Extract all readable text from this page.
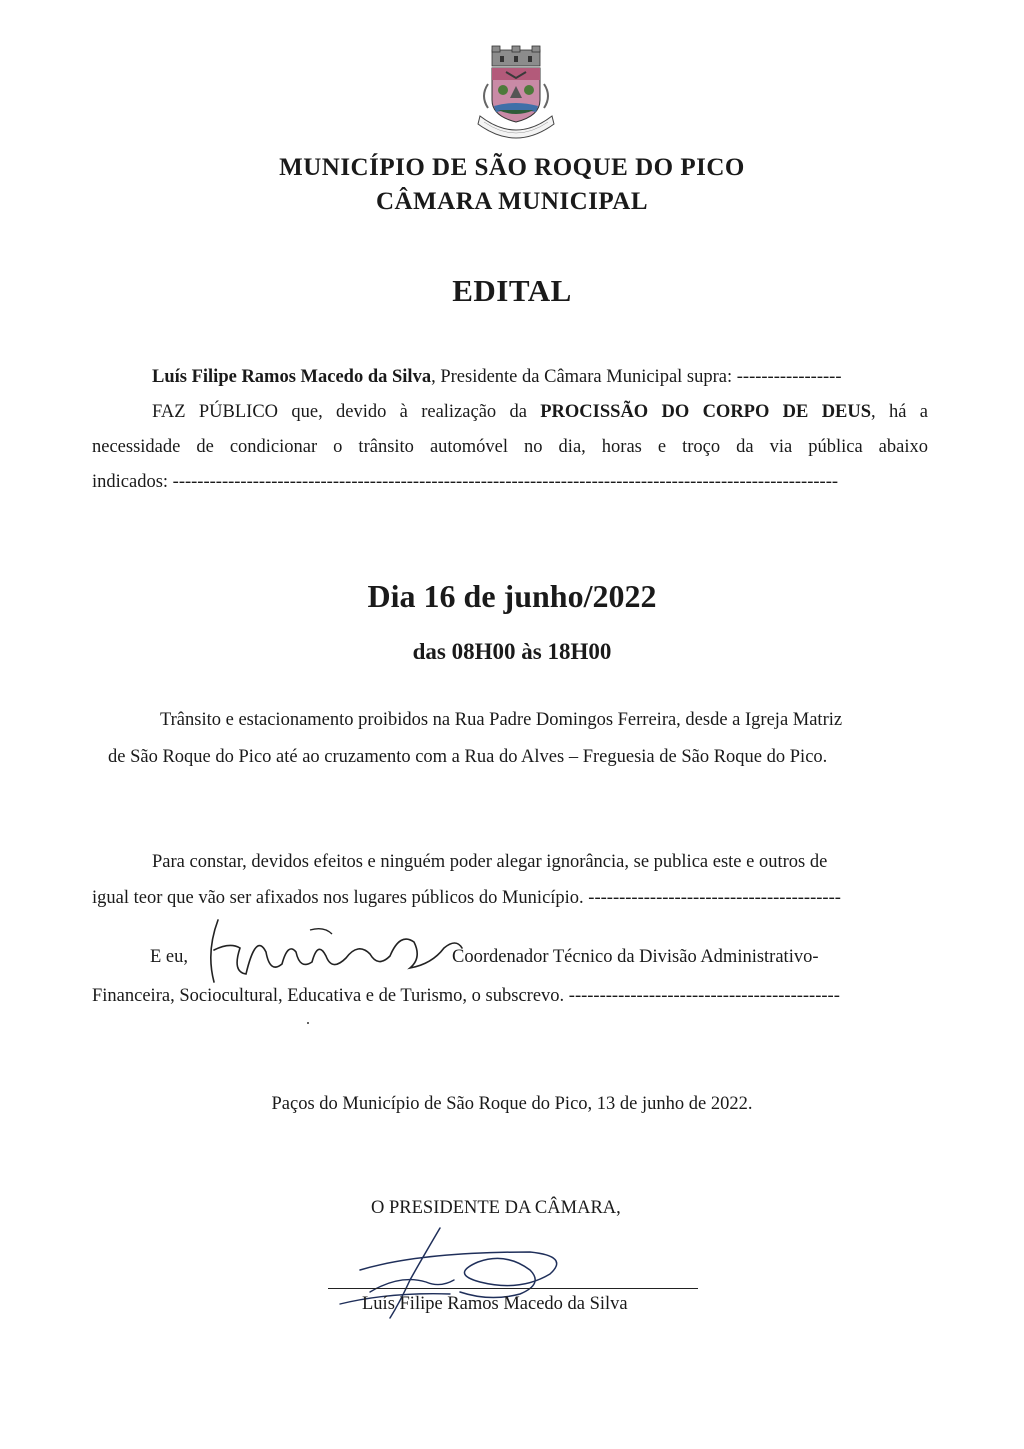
MUNICÍPIO DE SÃO ROQUE DO PICO
CÂMARA MUNICIPAL
EDITAL
Luís Filipe Ramos Macedo da Silva, Presidente da Câmara Municipal supra: -----------------
FAZ PÚBLICO que, devido à realização da PROCISSÃO DO CORPO DE DEUS, há a
necessidade de condicionar o trânsito automóvel no dia, horas e troço da via pública abaixo
indicados: ------------------------------------------------------------------------------------------------------------
Dia 16 de junho/2022
das 08H00 às 18H00
Trânsito e estacionamento proibidos na Rua Padre Domingos Ferreira, desde a Igreja Matriz
de São Roque do Pico até ao cruzamento com a Rua do Alves – Freguesia de São Roque do Pico.
Para constar, devidos efeitos e ninguém poder alegar ignorância, se publica este e outros de
igual teor que vão ser afixados nos lugares públicos do Município. -----------------------------------------
E eu,	Coordenador Técnico da Divisão Administrativo-
Financeira, Sociocultural, Educativa e de Turismo, o subscrevo. --------------------------------------------
Paços do Município de São Roque do Pico, 13 de junho de 2022.
O PRESIDENTE DA CÂMARA,
Luís Filipe Ramos Macedo da Silva
